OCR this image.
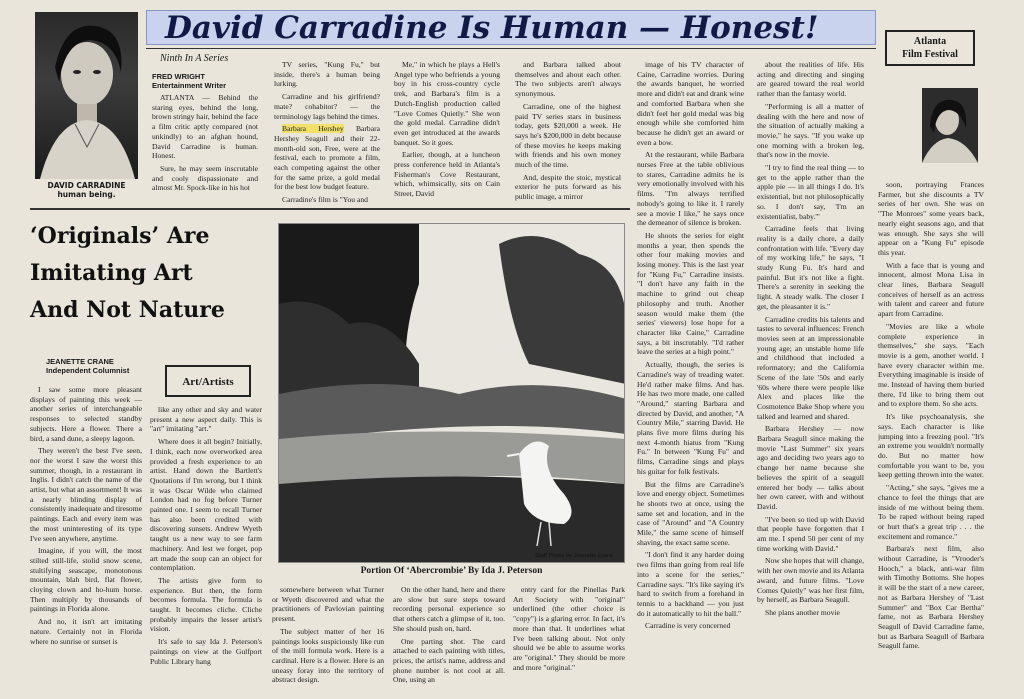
DAVID CARRADINE
human being.
David Carradine Is Human — Honest!
Ninth In A Series
Atlanta
Film Festival
FRED WRIGHT
Entertainment Writer

ATLANTA — Behind the staring eyes, behind the long, brown stringy hair, behind the face a film critic aptly compared (not unkindly) to an afghan hound, David Carradine is human. Honest.

Sure, he may seem inscrutable and cooly dispassionate and almost Mr. Spock-like in his hot

TV series, "Kung Fu," but inside, there's a human being lurking.

Carradine and his girlfriend? mate? cohabitor? — the terminology lags behind the times.

Barbara Hershey Barbara Hershey Seagull and their 22-month-old son, Free, were at the festival, each to promote a film, each competing against the other for the same prize, a gold medal for the best low budget feature.

Carradine's film is "You and

Me," in which he plays a Hell's Angel type who befriends a young boy in his cross-country cycle trek, and Barbara's film is a Dutch-English production called "Love Comes Quietly." She won the gold medal. Carradine didn't even get introduced at the awards banquet. So it goes.

Earlier, though, at a luncheon press conference held in Atlanta's Fisherman's Cove Restaurant, which, whimsically, sits on Cain Street, David

and Barbara talked about themselves and about each other. The two subjects aren't always synonymous.

Carradine, one of the highest paid TV series stars in business today, gets $20,000 a week. He says he's $200,000 in debt because of these movies he keeps making with friends and his own money much of the time.

And, despite the stoic, mystical exterior he puts forward as his public image, a mirror

image of his TV character of Caine, Carradine worries. During the awards banquet, he worried more and didn't eat and drank wine and comforted Barbara when she didn't feel her gold medal was big enough while she comforted him because he didn't get an award or even a bow.

At the restaurant, while Barbara nurses Free at the table oblivious to stares, Carradine admits he is very emotionally involved with his films. "I'm always terrified nobody's going to like it. I rarely see a movie I like," he says once the demeanor of silence is broken.

He shoots the series for eight months a year, then spends the other four making movies and losing money. This is the last year for "Kung Fu," Carradine insists. "I don't have any faith in the machine to grind out cheap philosophy and truth. Another season would make them (the series' viewers) lose hope for a character like Caine," Carradine says, a bit inscrutably. "I'd rather leave the series at a high point."

Actually, though, the series is Carradine's way of treading water. He'd rather make films. And has. He has two more made, one called "Around," starring Barbara and directed by David, and another, "A Country Mile," starring David. He plans five more films during his next 4-month hiatus from "Kung Fu." In between "Kung Fu" and films, Carradine sings and plays his guitar for folk festivals.

But the films are Carradine's love and energy object. Sometimes he shoots two at once, using the same set and location, and in the case of "Around" and "A Country Mile," the same scene of himself shaving, the exact same scene.

"I don't find it any harder doing two films than going from real life into a scene for the series," Carradine says. "It's like saying it's hard to switch from a forehand in tennis to a backhand — you just do it automatically to hit the ball."

Carradine is very concerned

about the realities of life. His acting and directing and singing are geared toward the real world rather than the fantasy world.

"Performing is all a matter of dealing with the here and now of the situation of actually making a movie," he says. "If you wake up one morning with a broken leg, that's now in the movie.

"I try to find the real thing — to get to the apple rather than the apple pie — in all things I do. It's existential, but not philosophically so. I don't say, 'I'm an existentialist, baby.'"

Carradine feels that living reality is a daily chore, a daily confrontation with life. "Every day of my working life," he says, "I study Kung Fu. It's hard and painful. But it's not like a fight. There's a serenity in seeking the light. A steady walk. The closer I get, the pleasanter it is."

Carradine credits his talents and tastes to several influences: French movies seen at an impressionable young age; an unstable home life and childhood that included a reformatory; and the California Scene of the late '50s and early '60s where there were people like Alex and places like the Cosmotence Bake Shop where you talked and learned and shared.

Barbara Hershey — now Barbara Seagull since making the movie "Last Summer" six years ago and deciding two years ago to change her name because she believes the spirit of a seagull entered her body — talks about her own career, with and without David.

"I've been so tied up with David that people have forgotten that I am me. I spend 50 per cent of my time working with David."

Now she hopes that will change, with her own movie and its Atlanta award, and future films. "Love Comes Quietly" was her first film, by herself, as Barbara Seagull.

She plans another movie

soon, portraying Frances Farmer, but she discounts a TV series of her own. She was on "The Monroes" some years back, nearly eight seasons ago, and that was enough. She says she will appear on a "Kung Fu" episode this year.

With a face that is young and innocent, almost Mona Lisa in clear lines, Barbara Seagull conceives of herself as an actress with talent and career and future apart from Carradine.

"Movies are like a whole complete experience in themselves," she says. "Each movie is a gem, another world. I have every character within me. Everything imaginable is inside of me. Instead of having them buried there, I'd like to bring them out and to explore them. So she acts.

It's like psychoanalysis, she says. Each character is like jumping into a freezing pool. "It's an extreme you wouldn't normally do. But no matter how comfortable you want to be, you keep getting thrown into the water.

"Acting," she says, "gives me a chance to feel the things that are inside of me without being them. To be raped without being raped or hurt that's a great trip . . . the excitement and romance."

Barbara's next film, also without Carradine, is "Vrooder's Hooch," a black, anti-war film with Timothy Bottoms. She hopes it will be the start of a new career, not as Barbara Hershey of "Last Summer" and "Box Car Bertha" fame, not as Barbara Hershey Seagull of David Carradine fame, but as Barbara Seagull of Barbara Seagull fame.

‘Originals’ Are
Imitating Art
And Not Nature
JEANETTE CRANE
Independent Columnist
Art/Artists
Staff Photo by Jeanette Crane
Portion Of ‘Abercrombie’ By Ida J. Peterson

I saw some more pleasant displays of painting this week — another series of interchangeable responses to selected standby subjects. Here a flower. There a bird, a sand dune, a sleepy lagoon.

They weren't the best I've seen, nor the worst I saw the worst this summer, though, in a restaurant in Inglis. I didn't catch the name of the artist, but what an assortment! It was a nearly blinding display of consistently inadequate and tiresome paintings. Each and every item was the most uninteresting of its type I've seen anywhere, anytime.

Imagine, if you will, the most stilted still-life, stolid snow scene, stultifying seascape, monotonous mountain, blah bird, flat flower, cloying clown and ho-hum horse. Then multiply by thousands of paintings in Florida alone.

And no, it isn't art imitating nature. Certainly not in Florida where no sunrise or sunset is

like any other and sky and water present a new aspect daily. This is "art" imitating "art."

Where does it all begin? Initially, I think, each now overworked area provided a fresh experience to an artist. Hand down the Bartlett's Quotations if I'm wrong, but I think it was Oscar Wilde who claimed London had no fog before Turner painted one. I seem to recall Turner has also been credited with discovering sunsets. Andrew Wyeth taught us a new way to see farm machinery. And lest we forget, pop art made the soup can an object for contemplation.

The artists give form to experience. But then, the form becomes formula. The formula is taught. It becomes cliche. Cliche probably impairs the lesser artist's vision.

It's safe to say Ida J. Peterson's paintings on view at the Gulfport Public Library hang

somewhere between what Turner or Wyeth discovered and what the practitioners of Pavlovian painting present.

The subject matter of her 16 paintings looks suspiciously like run of the mill formula work. Here is a cardinal. Here is a flower. Here is an uneasy foray into the territory of abstract design.

On the other hand, here and there are slow but sure steps toward recording personal experience so that others catch a glimpse of it, too. She should push on, hard.

One parting shot. The card attached to each painting with titles, prices, the artist's name, address and phone number is not cool at all. One, using an

entry card for the Pinellas Park Art Society with "original" underlined (the other choice is "copy") is a glaring error. In fact, it's more than that. It underlines what I've been talking about. Not only should we be able to assume works are "original." They should be more and more "original."
